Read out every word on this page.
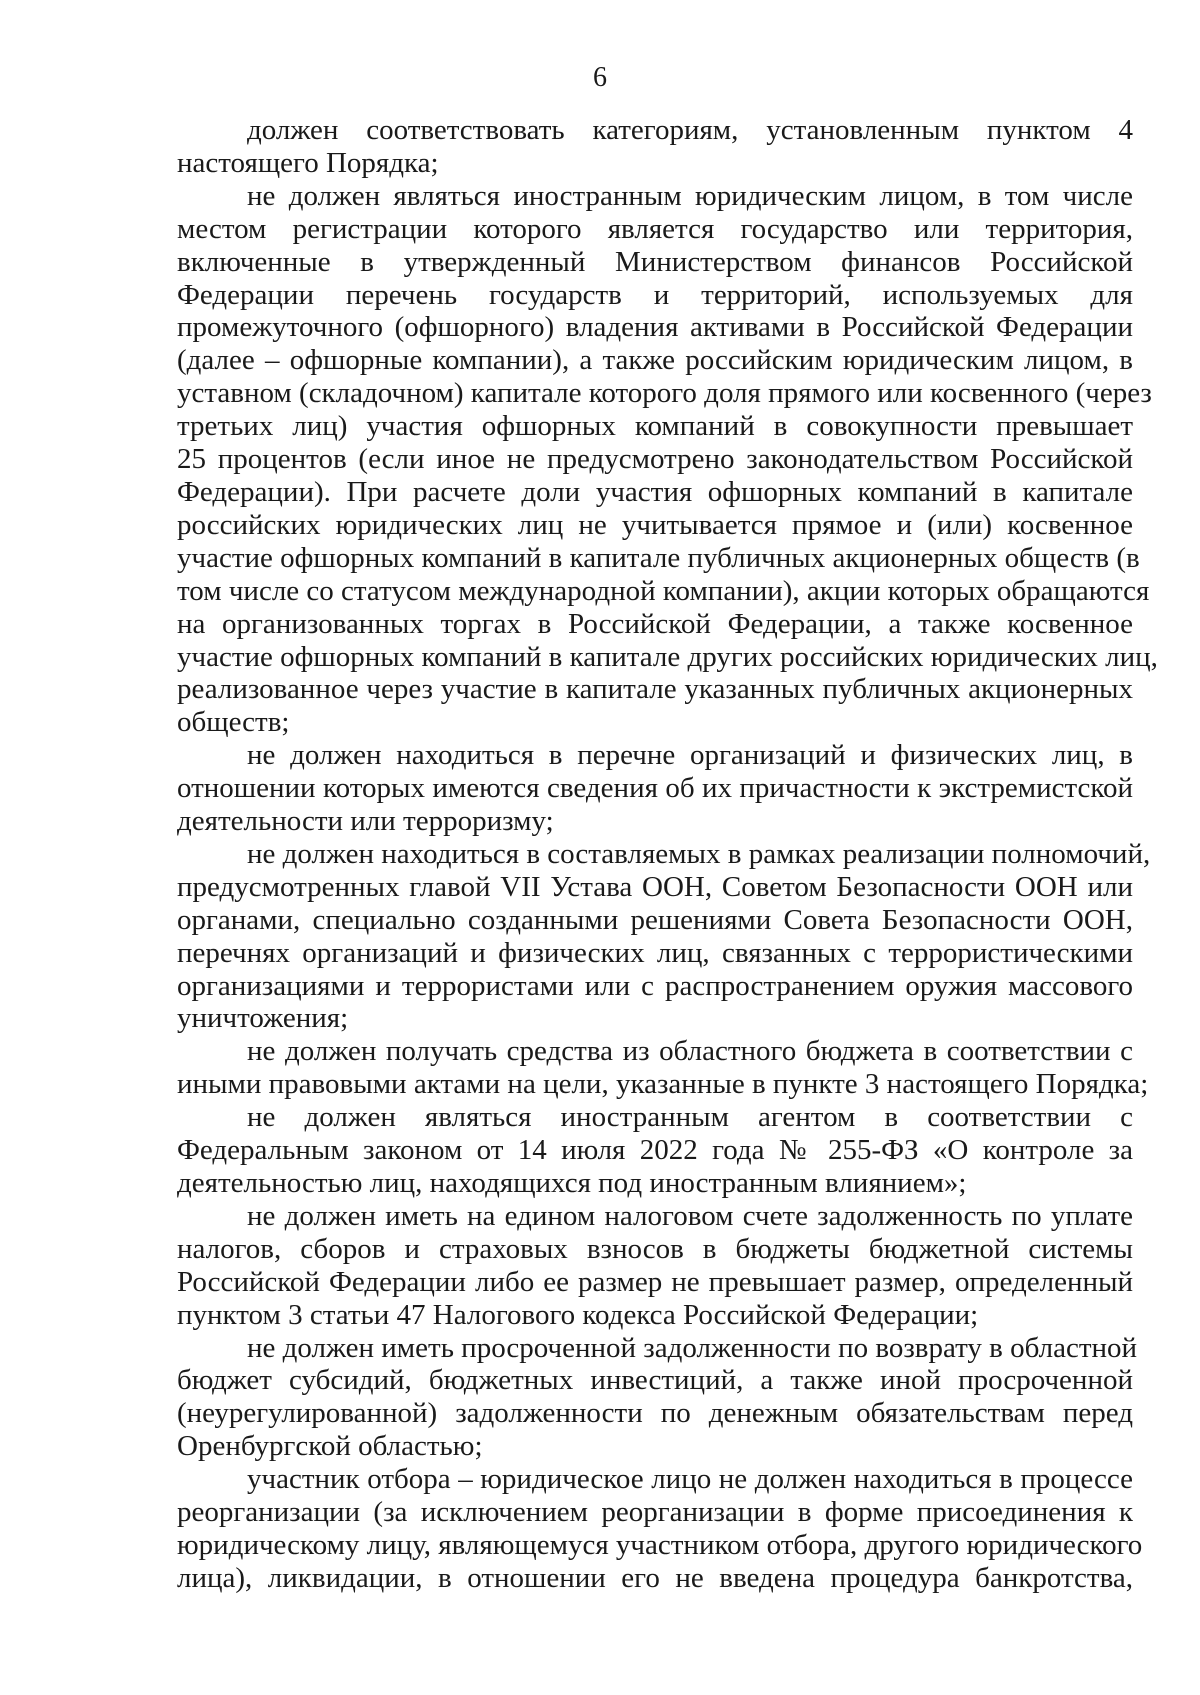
6
должен соответствовать категориям, установленным пунктом 4
настоящего Порядка;
не должен являться иностранным юридическим лицом, в том числе
местом регистрации которого является государство или территория,
включенные в утвержденный Министерством финансов Российской
Федерации перечень государств и территорий, используемых для
промежуточного (офшорного) владения активами в Российской Федерации
(далее – офшорные компании), а также российским юридическим лицом, в
уставном (складочном) капитале которого доля прямого или косвенного (через
третьих лиц) участия офшорных компаний в совокупности превышает
25 процентов (если иное не предусмотрено законодательством Российской
Федерации). При расчете доли участия офшорных компаний в капитале
российских юридических лиц не учитывается прямое и (или) косвенное
участие офшорных компаний в капитале публичных акционерных обществ (в
том числе со статусом международной компании), акции которых обращаются
на организованных торгах в Российской Федерации, а также косвенное
участие офшорных компаний в капитале других российских юридических лиц,
реализованное через участие в капитале указанных публичных акционерных
обществ;
не должен находиться в перечне организаций и физических лиц, в
отношении которых имеются сведения об их причастности к экстремистской
деятельности или терроризму;
не должен находиться в составляемых в рамках реализации полномочий,
предусмотренных главой VII Устава ООН, Советом Безопасности ООН или
органами, специально созданными решениями Совета Безопасности ООН,
перечнях организаций и физических лиц, связанных с террористическими
организациями и террористами или с распространением оружия массового
уничтожения;
не должен получать средства из областного бюджета в соответствии с
иными правовыми актами на цели, указанные в пункте 3 настоящего Порядка;
не должен являться иностранным агентом в соответствии с
Федеральным законом от 14 июля 2022 года № 255-ФЗ «О контроле за
деятельностью лиц, находящихся под иностранным влиянием»;
не должен иметь на едином налоговом счете задолженность по уплате
налогов, сборов и страховых взносов в бюджеты бюджетной системы
Российской Федерации либо ее размер не превышает размер, определенный
пунктом 3 статьи 47 Налогового кодекса Российской Федерации;
не должен иметь просроченной задолженности по возврату в областной
бюджет субсидий, бюджетных инвестиций, а также иной просроченной
(неурегулированной) задолженности по денежным обязательствам перед
Оренбургской областью;
участник отбора – юридическое лицо не должен находиться в процессе
реорганизации (за исключением реорганизации в форме присоединения к
юридическому лицу, являющемуся участником отбора, другого юридического
лица), ликвидации, в отношении его не введена процедура банкротства,
